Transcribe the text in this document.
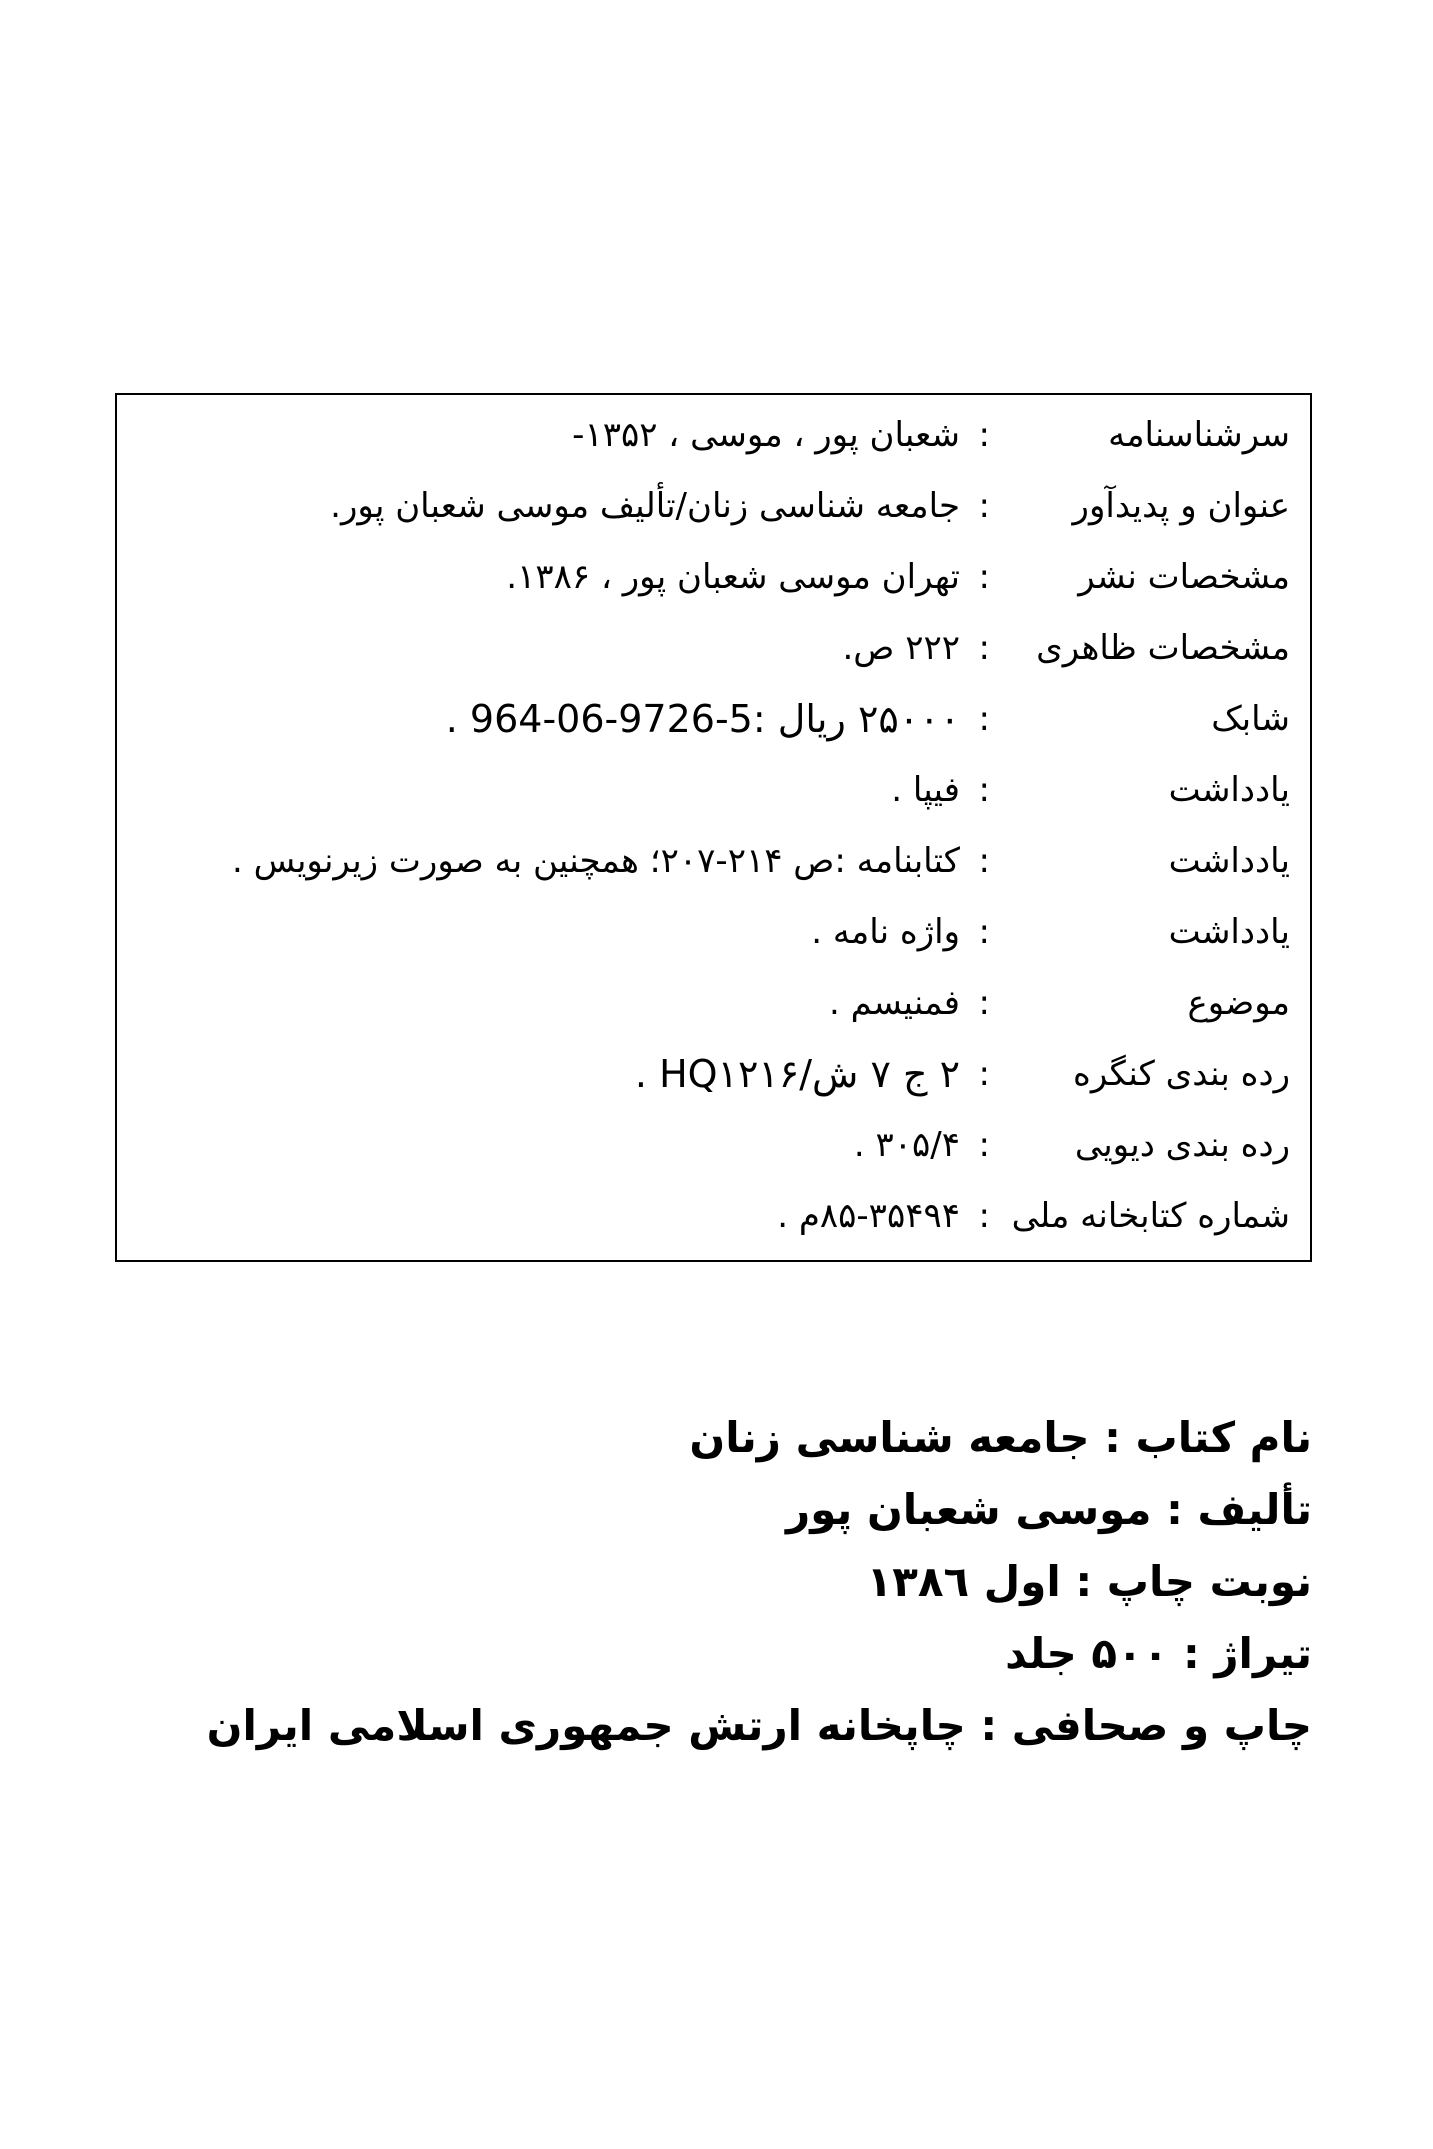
سرشناسنامه
:
شعبان پور ، موسی ، ۱۳۵۲-
عنوان و پدیدآور
:
جامعه شناسی زنان/تألیف موسی شعبان پور.
مشخصات نشر
:
تهران موسی شعبان پور ، ۱۳۸۶.
مشخصات ظاهری
:
۲۲۲ ص.
شابک
:
۲۵۰۰۰ ریال :5-9726-06-964 .
یادداشت
:
فیپا .
یادداشت
:
کتابنامه :ص ۲۱۴-۲۰۷؛ همچنین به صورت زیرنویس .
یادداشت
:
واژه نامه .
موضوع
:
فمنیسم .
رده بندی کنگره
:
۲ ج ۷ ش/HQ۱۲۱۶ .
رده بندی دیویی
:
۳۰۵/۴ .
شماره کتابخانه ملی
:
۸۵-۳۵۴۹۴م .
نام کتاب : جامعه شناسی زنان
تألیف : موسی شعبان پور
نوبت چاپ : اول ۱۳۸٦
تیراژ : ۵۰۰ جلد
چاپ و صحافی : چاپخانه ارتش جمهوری اسلامی ایران
